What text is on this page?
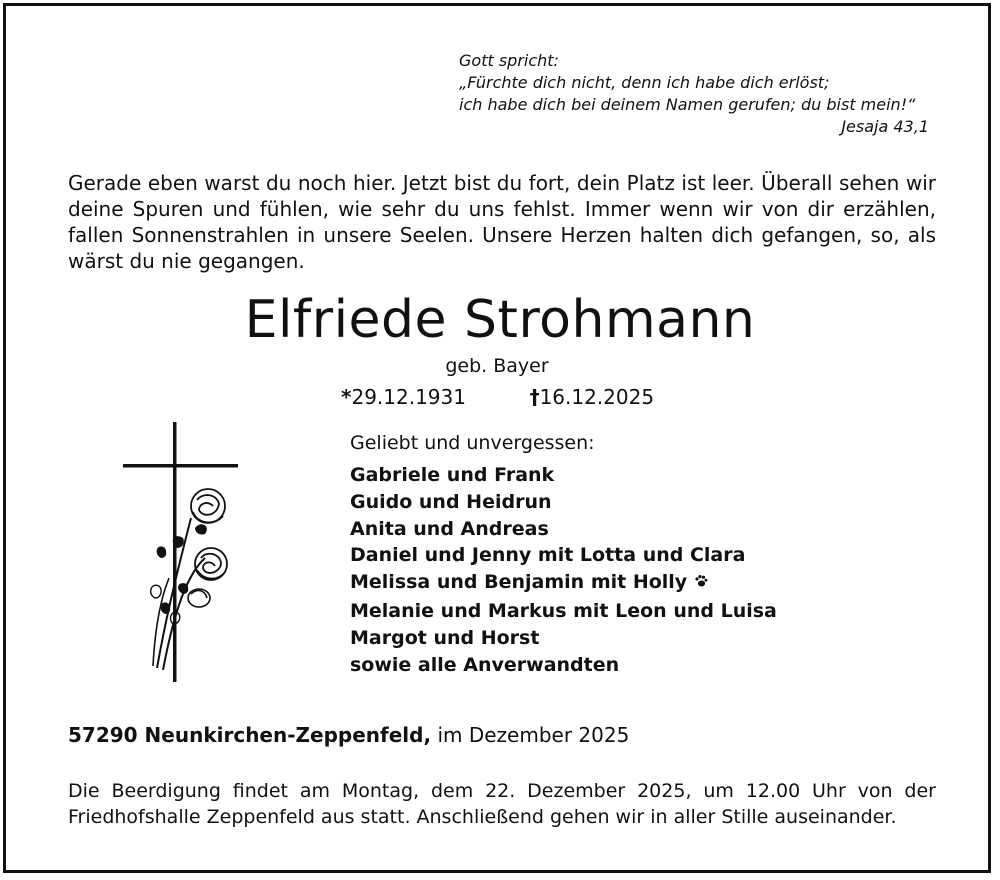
Gott spricht:
„Fürchte dich nicht, denn ich habe dich erlöst;
ich habe dich bei deinem Namen gerufen; du bist mein!“
Jesaja 43,1
Gerade eben warst du noch hier. Jetzt bist du fort, dein Platz ist leer. Überall sehen wir deine Spuren und fühlen, wie sehr du uns fehlst. Immer wenn wir von dir erzählen, fallen Sonnenstrahlen in unsere Seelen. Unsere Herzen halten dich gefangen, so, als wärst du nie gegangen.
Elfriede Strohmann
geb. Bayer
*29.12.1931	†16.12.2025
Geliebt und unvergessen:
Gabriele und Frank
Guido und Heidrun
Anita und Andreas
Daniel und Jenny mit Lotta und Clara
Melissa und Benjamin mit Holly
Melanie und Markus mit Leon und Luisa
Margot und Horst
sowie alle Anverwandten
57290 Neunkirchen-Zeppenfeld, im Dezember 2025
Die Beerdigung findet am Montag, dem 22. Dezember 2025, um 12.00 Uhr von der Friedhofshalle Zeppenfeld aus statt. Anschließend gehen wir in aller Stille auseinander.
